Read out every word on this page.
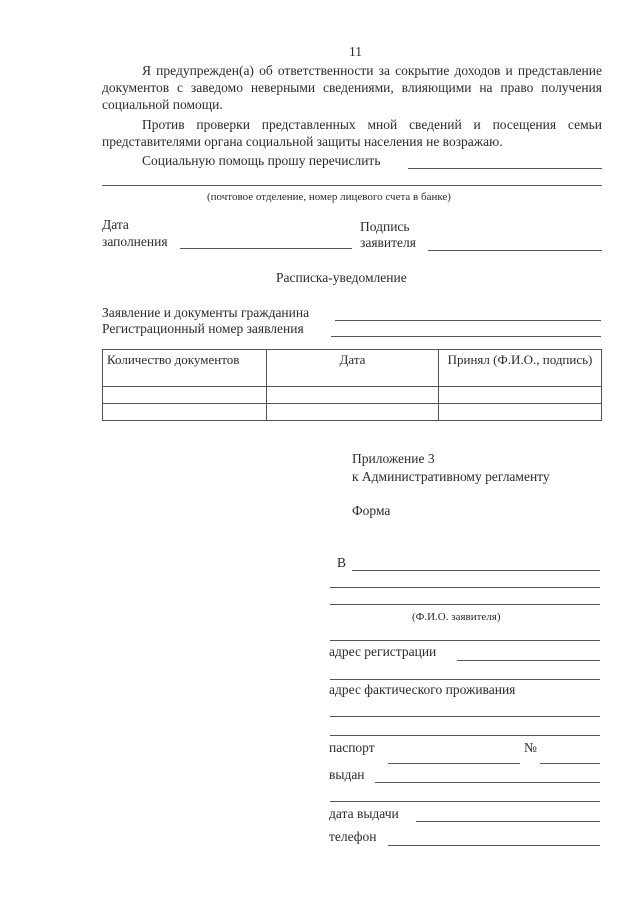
11
Я предупрежден(а) об ответственности за сокрытие доходов и представление документов с заведомо неверными сведениями, влияющими на право получения социальной помощи.
Против проверки представленных мной сведений и посещения семьи представителями органа социальной защиты населения не возражаю.
Социальную помощь прошу перечислить
(почтовое отделение, номер лицевого счета в банке)
Дата
заполнения
Подпись
заявителя
Расписка-уведомление
Заявление и документы гражданина
Регистрационный номер заявления
Количество документов	Дата	Принял (Ф.И.О., подпись)

Приложение 3
к Административному регламенту
Форма
В
(Ф.И.О. заявителя)
адрес регистрации
адрес фактического проживания
паспорт	№
выдан
дата выдачи
телефон
